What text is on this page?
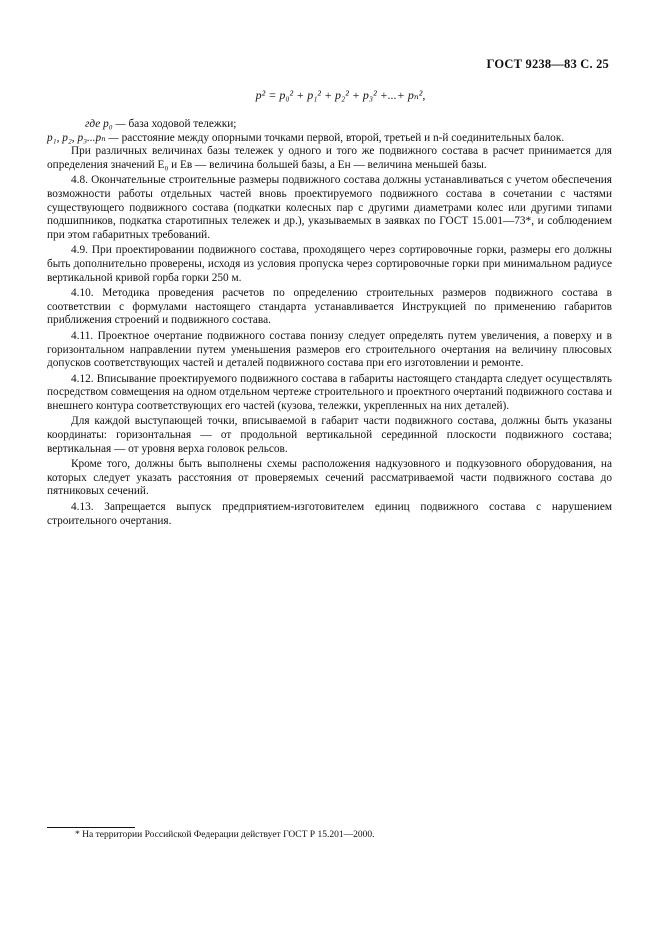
ГОСТ 9238—83 С. 25
p² = p₀² + p₁² + p₂² + p₃² +...+ pₙ²,
где p₀ — база ходовой тележки;
p₁, p₂, p₃...pₙ — расстояние между опорными точками первой, второй, третьей и n-й соединительных балок.

При различных величинах базы тележек у одного и того же подвижного состава в расчет принимается для определения значений E₀ и Eв — величина большей базы, а Eн — величина меньшей базы.

4.8. Окончательные строительные размеры подвижного состава должны устанавливаться с учетом обеспечения возможности работы отдельных частей вновь проектируемого подвижного состава в сочетании с частями существующего подвижного состава (подкатки колесных пар с другими диаметрами колес или другими типами подшипников, подкатка старотипных тележек и др.), указываемых в заявках по ГОСТ 15.001—73*, и соблюдением при этом габаритных требований.

4.9. При проектировании подвижного состава, проходящего через сортировочные горки, размеры его должны быть дополнительно проверены, исходя из условия пропуска через сортировочные горки при минимальном радиусе вертикальной кривой горба горки 250 м.

4.10. Методика проведения расчетов по определению строительных размеров подвижного состава в соответствии с формулами настоящего стандарта устанавливается Инструкцией по применению габаритов приближения строений и подвижного состава.

4.11. Проектное очертание подвижного состава понизу следует определять путем увеличения, а поверху и в горизонтальном направлении путем уменьшения размеров его строительного очертания на величину плюсовых допусков соответствующих частей и деталей подвижного состава при его изготовлении и ремонте.

4.12. Вписывание проектируемого подвижного состава в габариты настоящего стандарта следует осуществлять посредством совмещения на одном отдельном чертеже строительного и проектного очертаний подвижного состава и внешнего контура соответствующих его частей (кузова, тележки, укрепленных на них деталей).

Для каждой выступающей точки, вписываемой в габарит части подвижного состава, должны быть указаны координаты: горизонтальная — от продольной вертикальной серединной плоскости подвижного состава; вертикальная — от уровня верха головок рельсов.

Кроме того, должны быть выполнены схемы расположения надкузовного и подкузовного оборудования, на которых следует указать расстояния от проверяемых сечений рассматриваемой части подвижного состава до пятниковых сечений.

4.13. Запрещается выпуск предприятием-изготовителем единиц подвижного состава с нарушением строительного очертания.

* На территории Российской Федерации действует ГОСТ Р 15.201—2000.
